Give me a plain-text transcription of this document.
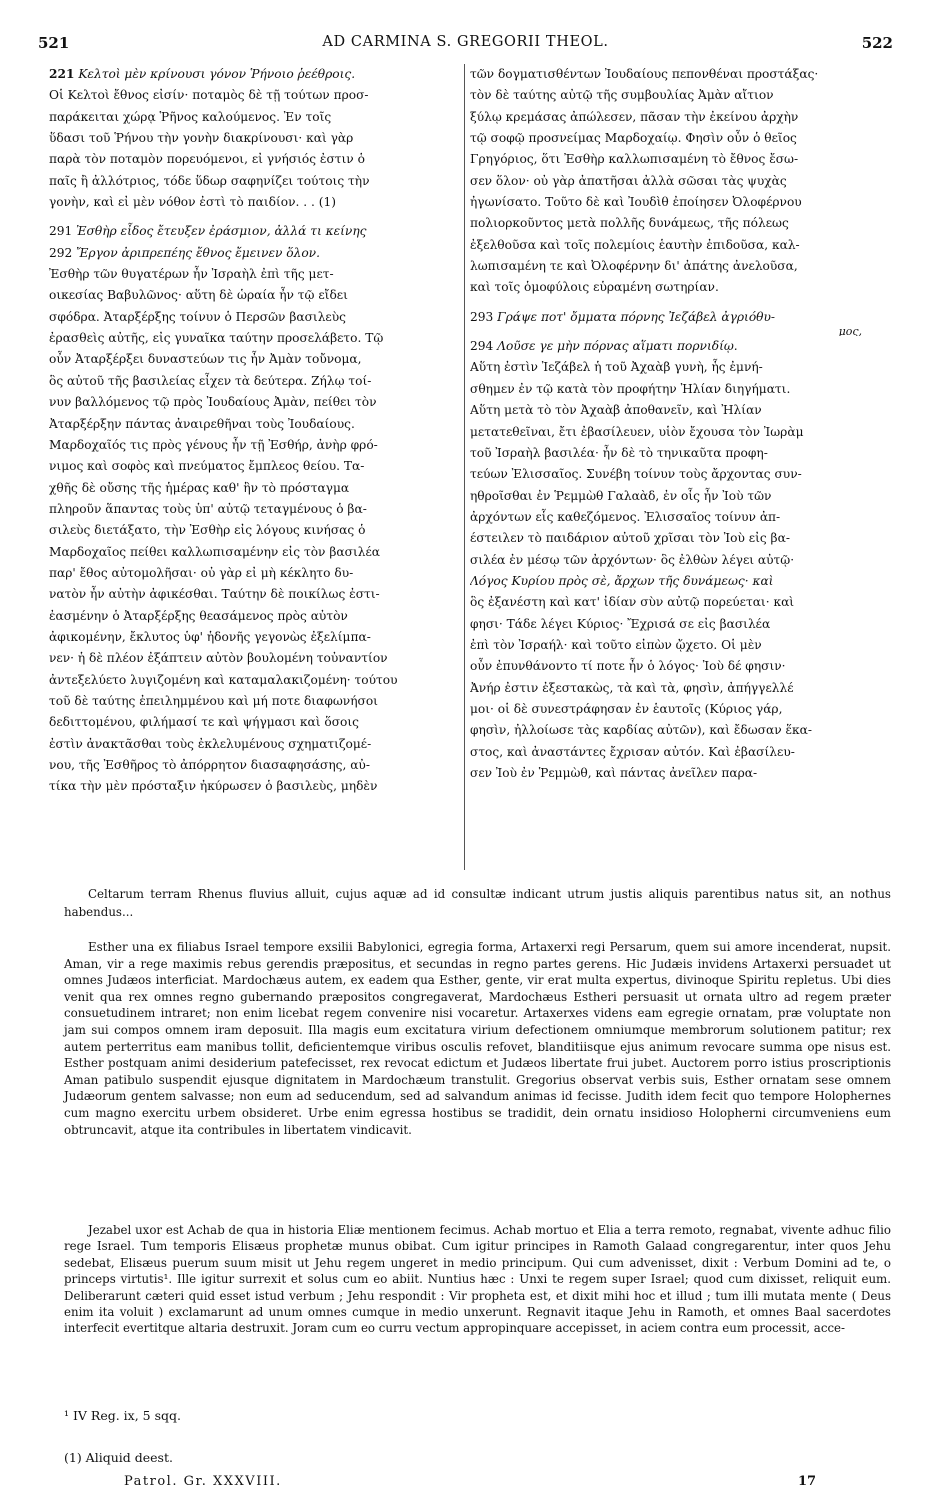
521	AD CARMINA S. GREGORII THEOL.	522
221 Κελτοὶ μὲν κρίνουσι γόνον Ῥήνοιο ῥεέθροις.
Οἱ Κελτοὶ ἔθνος εἰσίν· ποταμὸς δὲ τῇ τούτων προσ-
παράκειται χώρᾳ Ῥῆνος καλούμενος. Ἐν τοῖς
ὕδασι τοῦ Ῥήνου τὴν γονὴν διακρίνουσι· καὶ γὰρ
παρὰ τὸν ποταμὸν πορευόμενοι, εἰ γνήσιός ἐστιν ὁ
παῖς ἢ ἀλλότριος, τόδε ὕδωρ σαφηνίζει τούτοις τὴν
γονὴν, καὶ εἰ μὲν νόθον ἐστὶ τὸ παιδίον. . . (1)
291 Ἐσθὴρ εἶδος ἔτευξεν ἐράσμιον, ἀλλά τι κείνης
292 Ἔργον ἀριπρεπέης ἔθνος ἔμεινεν ὅλον.
Ἐσθὴρ τῶν θυγατέρων ἦν Ἰσραὴλ ἐπὶ τῆς μετ-
οικεσίας Βαβυλῶνος· αὕτη δὲ ὡραία ἦν τῷ εἴδει
σφόδρα. Ἀταρξέρξης τοίνυν ὁ Περσῶν βασιλεὺς
ἐρασθεὶς αὐτῆς, εἰς γυναῖκα ταύτην προσελάβετο. Τῷ
οὖν Ἀταρξέρξει δυναστεύων τις ἦν Ἀμὰν τοὔνομα,
ὃς αὐτοῦ τῆς βασιλείας εἶχεν τὰ δεύτερα. Ζήλῳ τοί-
νυν βαλλόμενος τῷ πρὸς Ἰουδαίους Ἀμὰν, πείθει τὸν
Ἀταρξέρξην πάντας ἀναιρεθῆναι τοὺς Ἰουδαίους.
Μαρδοχαῖός τις πρὸς γένους ἦν τῇ Ἐσθήρ, ἀνὴρ φρό-
νιμος καὶ σοφὸς καὶ πνεύματος ἔμπλεος θείου. Τα-
χθῆς δὲ οὔσης τῆς ἡμέρας καθ' ἣν τὸ πρόσταγμα
πληροῦν ἅπαντας τοὺς ὑπ' αὐτῷ τεταγμένους ὁ βα-
σιλεὺς διετάξατο, τὴν Ἐσθὴρ εἰς λόγους κινήσας ὁ
Μαρδοχαῖος πείθει καλλωπισαμένην εἰς τὸν βασιλέα
παρ' ἔθος αὐτομολῆσαι· οὐ γὰρ εἰ μὴ κέκλητο δυ-
νατὸν ἦν αὐτὴν ἀφικέσθαι. Ταύτην δὲ ποικίλως ἐστι-
ἐασμένην ὁ Ἀταρξέρξης θεασάμενος πρὸς αὐτὸν
ἀφικομένην, ἔκλυτος ὑφ' ἡδονῆς γεγονὼς ἐξελίμπα-
νεν· ἡ δὲ πλέον ἐξάπτειν αὐτὸν βουλομένη τοὐναντίον
ἀντεξελύετο λυγιζομένη καὶ καταμαλακιζομένη· τούτου
τοῦ δὲ ταύτης ἐπειλημμένου καὶ μή ποτε διαφωνήσοι
δεδιττομένου, φιλήμασί τε καὶ ψήγμασι καὶ ὅσοις
ἐστὶν ἀνακτᾶσθαι τοὺς ἐκλελυμένους σχηματιζομέ-
νου, τῆς Ἐσθῆρος τὸ ἀπόρρητον διασαφησάσης, αὐ-
τίκα τὴν μὲν πρόσταξιν ἠκύρωσεν ὁ βασιλεὺς, μηδὲν
τῶν δογματισθέντων Ἰουδαίους πεπονθέναι προστάξας·
τὸν δὲ ταύτης αὐτῷ τῆς συμβουλίας Ἀμὰν αἴτιον
ξύλῳ κρεμάσας ἀπώλεσεν, πᾶσαν τὴν ἐκείνου ἀρχὴν
τῷ σοφῷ προσνείμας Μαρδοχαίῳ. Φησὶν οὖν ὁ θεῖος
Γρηγόριος, ὅτι Ἐσθὴρ καλλωπισαμένη τὸ ἔθνος ἔσω-
σεν ὅλον· οὐ γὰρ ἀπατῆσαι ἀλλὰ σῶσαι τὰς ψυχὰς
ἠγωνίσατο. Τοῦτο δὲ καὶ Ἰουδὶθ ἐποίησεν Ὀλοφέρνου
πολιορκοῦντος μετὰ πολλῆς δυνάμεως, τῆς πόλεως
ἐξελθοῦσα καὶ τοῖς πολεμίοις ἑαυτὴν ἐπιδοῦσα, καλ-
λωπισαμένη τε καὶ Ὀλοφέρνην δι' ἀπάτης ἀνελοῦσα,
καὶ τοῖς ὁμοφύλοις εὑραμένη σωτηρίαν.
293 Γράψε ποτ' ὄμματα πόρνης Ἰεζάβελ ἀγριόθυ-
μος,
294 Λοῦσε γε μὴν πόρνας αἵματι πορνιδίῳ.
Αὕτη ἐστὶν Ἰεζάβελ ἡ τοῦ Ἀχαὰβ γυνὴ, ἧς ἐμνή-
σθημεν ἐν τῷ κατὰ τὸν προφήτην Ἠλίαν διηγήματι.
Αὕτη μετὰ τὸ τὸν Ἀχαὰβ ἀποθανεῖν, καὶ Ἠλίαν
μετατεθεῖναι, ἔτι ἐβασίλευεν, υἱὸν ἔχουσα τὸν Ἰωρὰμ
τοῦ Ἰσραὴλ βασιλέα· ἦν δὲ τὸ τηνικαῦτα προφη-
τεύων Ἐλισσαῖος. Συνέβη τοίνυν τοὺς ἄρχοντας συν-
ηθροῖσθαι ἐν Ῥεμμὼθ Γαλαὰδ, ἐν οἷς ἦν Ἰοὺ τῶν
ἀρχόντων εἷς καθεζόμενος. Ἐλισσαῖος τοίνυν ἀπ-
έστειλεν τὸ παιδάριον αὐτοῦ χρῖσαι τὸν Ἰοὺ εἰς βα-
σιλέα ἐν μέσῳ τῶν ἀρχόντων· ὃς ἐλθὼν λέγει αὐτῷ·
Λόγος Κυρίου πρὸς σὲ, ἄρχων τῆς δυνάμεως· καὶ
ὃς ἐξανέστη καὶ κατ' ἰδίαν σὺν αὐτῷ πορεύεται· καὶ
φησι· Τάδε λέγει Κύριος· Ἔχρισά σε εἰς βασιλέα
ἐπὶ τὸν Ἰσραήλ· καὶ τοῦτο εἰπὼν ᾤχετο. Οἱ μὲν
οὖν ἐπυνθάνοντο τί ποτε ἦν ὁ λόγος· Ἰοὺ δέ φησιν·
Ἀνήρ ἐστιν ἐξεστακὼς, τὰ καὶ τὰ, φησὶν, ἀπήγγελλέ
μοι· οἱ δὲ συνεστράφησαν ἐν ἑαυτοῖς (Κύριος γάρ,
φησὶν, ἠλλοίωσε τὰς καρδίας αὐτῶν), καὶ ἔδωσαν ἕκα-
στος, καὶ ἀναστάντες ἔχρισαν αὐτόν. Καὶ ἐβασίλευ-
σεν Ἰοὺ ἐν Ῥεμμὼθ, καὶ πάντας ἀνεῖλεν παρα-

Celtarum terram Rhenus fluvius alluit, cujus aquæ ad id consultæ indicant utrum justis aliquis parentibus natus sit, an nothus habendus...

Esther una ex filiabus Israel tempore exsilii Babylonici, egregia forma, Artaxerxi regi Persarum, quem sui amore incenderat, nupsit. Aman, vir a rege maximis rebus gerendis præpositus, et secundas in regno partes gerens. Hic Judæis invidens Artaxerxi persuadet ut omnes Judæos interficiat. Mardochæus autem, ex eadem qua Esther, gente, vir erat multa expertus, divinoque Spiritu repletus. Ubi dies venit qua rex omnes regno gubernando præpositos congregaverat, Mardochæus Estheri persuasit ut ornata ultro ad regem præter consuetudinem intraret; non enim licebat regem convenire nisi vocaretur. Artaxerxes videns eam egregie ornatam, præ voluptate non jam sui compos omnem iram deposuit. Illa magis eum excitatura virium defectionem omniumque membrorum solutionem patitur; rex autem perterritus eam manibus tollit, deficientemque viribus osculis refovet, blanditiisque ejus animum revocare summa ope nisus est. Esther postquam animi desiderium patefecisset, rex revocat edictum et Judæos libertate frui jubet. Auctorem porro istius proscriptionis Aman patibulo suspendit ejusque dignitatem in Mardochæum transtulit. Gregorius observat verbis suis, Esther ornatam sese omnem Judæorum gentem salvasse; non eum ad seducendum, sed ad salvandum animas id fecisse. Judith idem fecit quo tempore Holophernes cum magno exercitu urbem obsideret. Urbe enim egressa hostibus se tradidit, dein ornatu insidioso Holopherni circumveniens eum obtruncavit, atque ita contribules in libertatem vindicavit.

Jezabel uxor est Achab de qua in historia Eliæ mentionem fecimus. Achab mortuo et Elia a terra remoto, regnabat, vivente adhuc filio rege Israel. Tum temporis Elisæus prophetæ munus obibat. Cum igitur principes in Ramoth Galaad congregarentur, inter quos Jehu sedebat, Elisæus puerum suum misit ut Jehu regem ungeret in medio principum. Qui cum advenisset, dixit : Verbum Domini ad te, o princeps virtutis¹. Ille igitur surrexit et solus cum eo abiit. Nuntius hæc : Unxi te regem super Israel; quod cum dixisset, reliquit eum. Deliberarunt cæteri quid esset istud verbum ; Jehu respondit : Vir propheta est, et dixit mihi hoc et illud ; tum illi mutata mente ( Deus enim ita voluit ) exclamarunt ad unum omnes cumque in medio unxerunt. Regnavit itaque Jehu in Ramoth, et omnes Baal sacerdotes interfecit evertitque altaria destruxit. Joram cum eo curru vectum appropinquare accepisset, in aciem contra eum processit, acce-

¹ IV Reg. ix, 5 sqq.
(1) Aliquid deest.
Patrol. Gr. XXXVIII.	17
